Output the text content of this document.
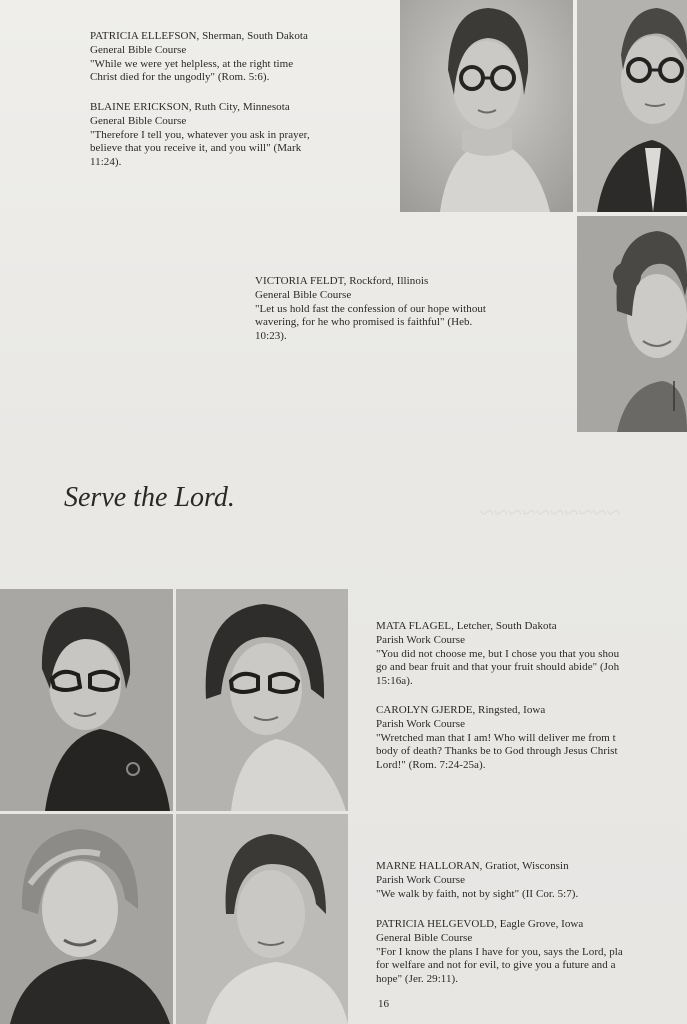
~~~~~~~~~~
PATRICIA ELLEFSON, Sherman, South Dakota
General Bible Course
"While we were yet helpless, at the right time
Christ died for the ungodly" (Rom. 5:6).
BLAINE ERICKSON, Ruth City, Minnesota
General Bible Course
"Therefore I tell you, whatever you ask in prayer,
believe that you receive it, and you will" (Mark
11:24).
VICTORIA FELDT, Rockford, Illinois
General Bible Course
"Let us hold fast the confession of our hope without
wavering, for he who promised is faithful" (Heb.
10:23).
Serve the Lord.
MATA FLAGEL, Letcher, South Dakota
Parish Work Course
"You did not choose me, but I chose you that you shou
go and bear fruit and that your fruit should abide" (Joh
15:16a).
CAROLYN GJERDE, Ringsted, Iowa
Parish Work Course
"Wretched man that I am! Who will deliver me from t
body of death? Thanks be to God through Jesus Christ
Lord!" (Rom. 7:24-25a).
MARNE HALLORAN, Gratiot, Wisconsin
Parish Work Course
"We walk by faith, not by sight" (II Cor. 5:7).
PATRICIA HELGEVOLD, Eagle Grove, Iowa
General Bible Course
"For I know the plans I have for you, says the Lord, pla
for welfare and not for evil, to give you a future and a
hope" (Jer. 29:11).
16
